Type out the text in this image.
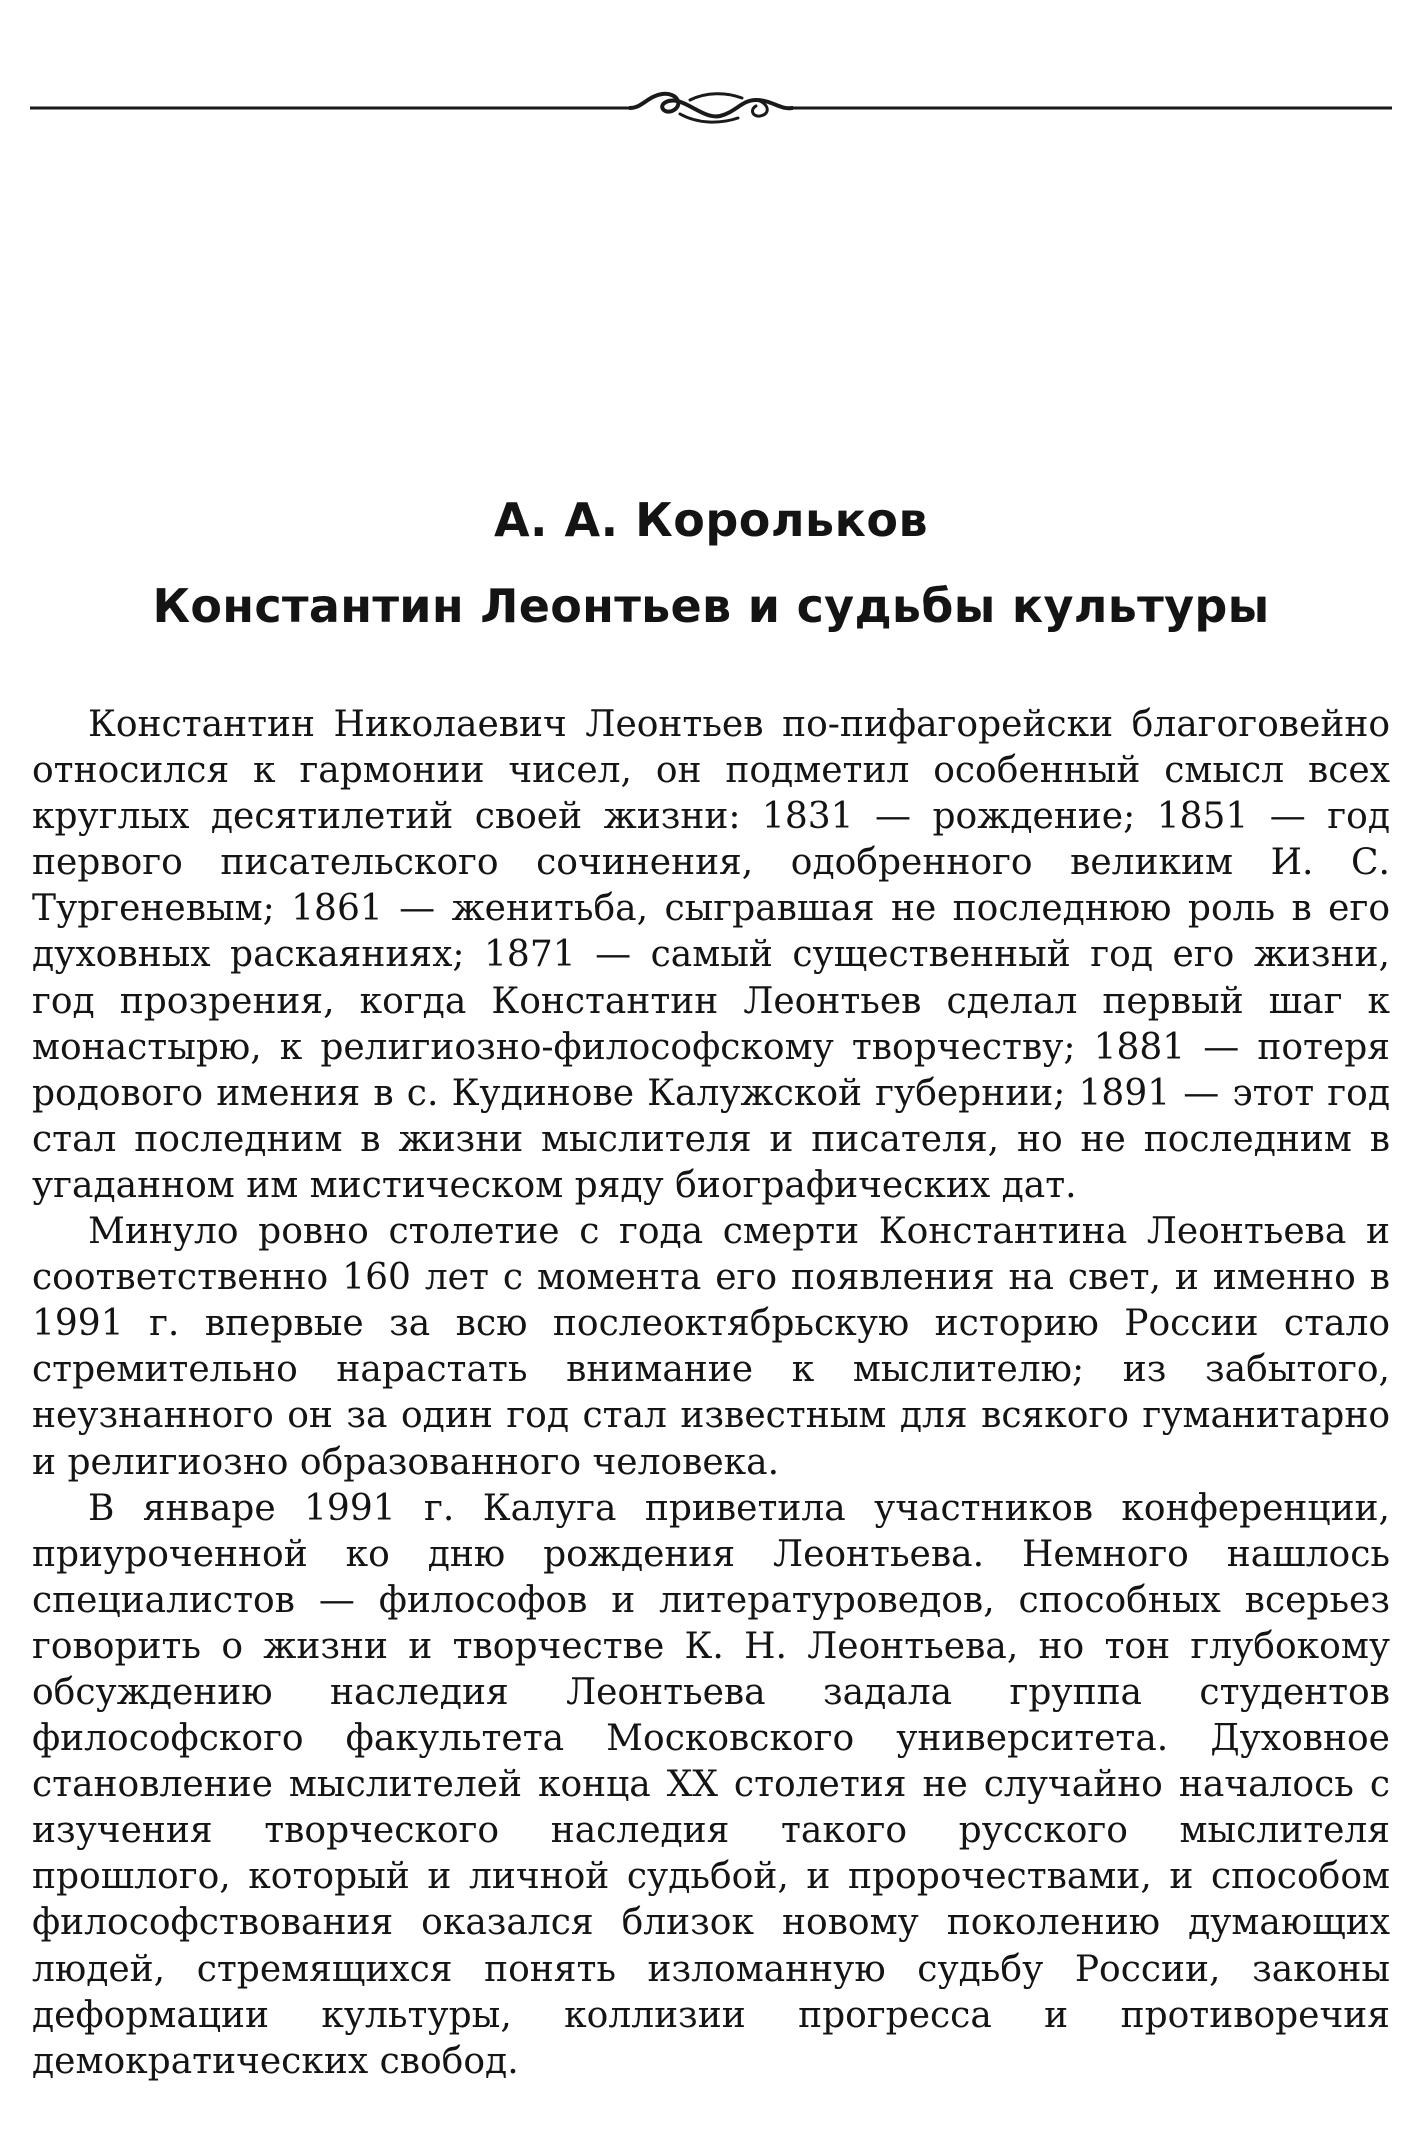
А. А. Корольков
Константин Леонтьев и судьбы культуры

Константин Николаевич Леонтьев по-пифагорейски благоговейно относился к гармонии чисел, он подметил особенный смысл всех круглых десятилетий своей жизни: 1831 — рождение; 1851 — год первого писательского сочинения, одобренного великим И. С. Тургеневым; 1861 — женитьба, сыгравшая не последнюю роль в его духовных раскаяниях; 1871 — самый существенный год его жизни, год прозрения, когда Константин Леонтьев сделал первый шаг к монастырю, к религиозно-философскому творчеству; 1881 — потеря родового имения в с. Кудинове Калужской губернии; 1891 — этот год стал последним в жизни мыслителя и писателя, но не последним в угаданном им мистическом ряду биографических дат.

Минуло ровно столетие с года смерти Константина Леонтьева и соответственно 160 лет с момента его появления на свет, и именно в 1991 г. впервые за всю послеоктябрьскую историю России стало стремительно нарастать внимание к мыслителю; из забытого, неузнанного он за один год стал известным для всякого гуманитарно и религиозно образованного человека.

В январе 1991 г. Калуга приветила участников конференции, приуроченной ко дню рождения Леонтьева. Немного нашлось специалистов — философов и литературоведов, способных всерьез говорить о жизни и творчестве К. Н. Леонтьева, но тон глубокому обсуждению наследия Леонтьева задала группа студентов философского факультета Московского университета. Духовное становление мыслителей конца XX столетия не случайно началось с изучения творческого наследия такого русского мыслителя прошлого, который и личной судьбой, и пророчествами, и способом философствования оказался близок новому поколению думающих людей, стремящихся понять изломанную судьбу России, законы деформации культуры, коллизии прогресса и противоречия демократических свобод.
